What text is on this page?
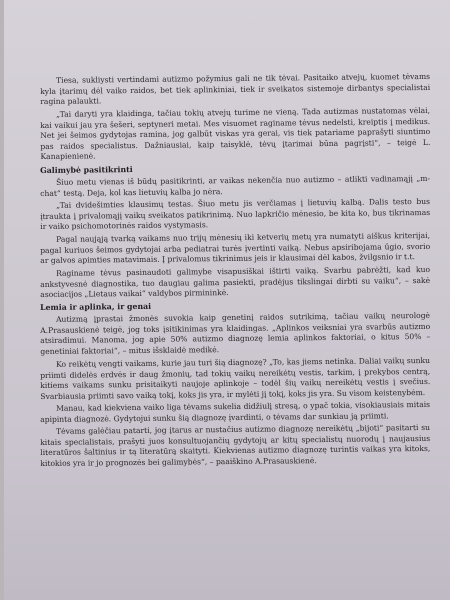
Tiesa, sukliysti vertindami autizmo požymius gali ne tik tėvai. Pasitaiko atvejų, kuomet tėvams kyla įtarimų dėl vaiko raidos, bet tiek aplinkiniai, tiek ir sveikatos sistemoje dirbantys specialistai ragina palaukti.

„Tai daryti yra klaidinga, tačiau tokių atvejų turime ne vieną. Tada autizmas nustatomas vėlai, kai vaikui jau yra šešeri, septyneri metai. Mes visuomet raginame tėvus nedelsti, kreiptis į medikus. Net jei šeimos gydytojas ramina, jog galbūt viskas yra gerai, vis tiek patariame paprašyti siuntimo pas raidos specialistus. Dažniausiai, kaip taisyklė, tėvų įtarimai būna pagrįsti“, – teigė L. Kanapienienė.

Galimybė pasitikrinti

Šiuo metu vienas iš būdų pasitikrinti, ar vaikas nekenčia nuo autizmo – atlikti vadinamąjį „m-chat“ testą. Deja, kol kas lietuvių kalba jo nėra.

„Tai dvidešimties klausimų testas. Šiuo metu jis verčiamas į lietuvių kalbą. Dalis testo bus įtraukta į privalomąjį vaikų sveikatos patikrinimą. Nuo lapkričio mėnesio, be kita ko, bus tikrinamas ir vaiko psichomotorinės raidos vystymasis.

Pagal naująją tvarką vaikams nuo trijų mėnesių iki ketverių metų yra numatyti aiškus kriterijai, pagal kuriuos šeimos gydytojai arba pediatrai turės įvertinti vaiką. Nebus apsiribojama ūgio, svorio ar galvos apimties matavimais. Į privalomus tikrinimus jeis ir klausimai dėl kabos, žvilgsnio ir t.t.

Raginame tėvus pasinaudoti galimybe visapusiškai ištirti vaiką. Svarbu pabrėžti, kad kuo ankstyvesnė diagnostika, tuo daugiau galima pasiekti, pradėjus tikslingai dirbti su vaiku“, – sakė asociacijos „Lietaus vaikai“ valdybos pirmininkė.

Lemia ir aplinka, ir genai

Autizmą įprastai žmonės suvokia kaip genetinį raidos sutrikimą, tačiau vaikų neurologė A.Prasauskienė teigė, jog toks įsitikinimas yra klaidingas. „Aplinkos veiksniai yra svarbūs autizmo atsiradimui. Manoma, jog apie 50% autizmo diagnozę lemia aplinkos faktoriai, o kitus 50% – genetiniai faktoriai“, – mitus išsklaidė medikė.

Ko reikėtų vengti vaikams, kurie jau turi šią diagnozę? „To, kas jiems netinka. Daliai vaikų sunku priimti didelės erdvės ir daug žmonių, tad tokių vaikų nereikėtų vestis, tarkim, į prekybos centrą, kitiems vaikams sunku prisitaikyti naujoje aplinkoje – todėl šių vaikų nereikėtų vestis į svečius. Svarbiausia priimti savo vaiką tokį, koks jis yra, ir mylėti jį tokį, koks jis yra. Su visom keistenybėm.

Manau, kad kiekviena vaiko liga tėvams sukelia didžiulį stresą, o ypač tokia, visokiausiais mitais apipinta diagnozė. Gydytojui sunku šią diagnozę įvardinti, o tėvams dar sunkiau ją priimti.

Tėvams galėčiau patarti, jog įtarus ar nustačius autizmo diagnozę nereikėtų „bijoti“ pasitarti su kitais specialistais, prašyti juos konsultuojančių gydytojų ar kitų specialistų nuorodų į naujausius literatūros šaltinius ir tą literatūrą skaityti. Kiekvienas autizmo diagnozę turintis vaikas yra kitoks, kitokios yra ir jo prognozės bei galimybės“, – paaiškino A.Prasauskienė.
